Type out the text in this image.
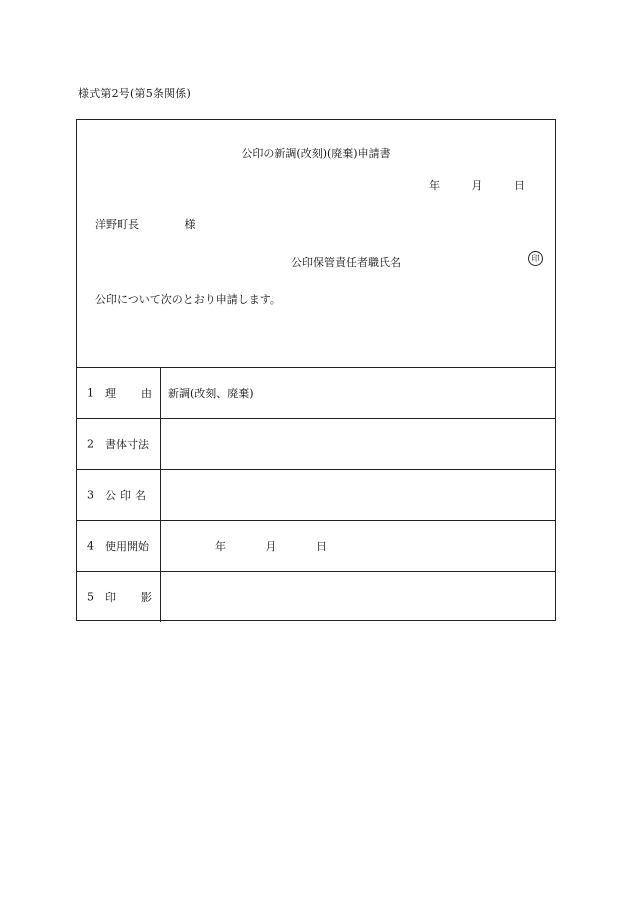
様式第2号(第5条関係)
公印の新調(改刻)(廃棄)申請書
年	月	日
洋野町長	様
公印保管責任者職氏名	印
公印について次のとおり申請します。
1 理 由 新調(改刻、廃棄)
2 書体寸法
3 公 印 名
4 使用開始	年	月	日
5 印 影
